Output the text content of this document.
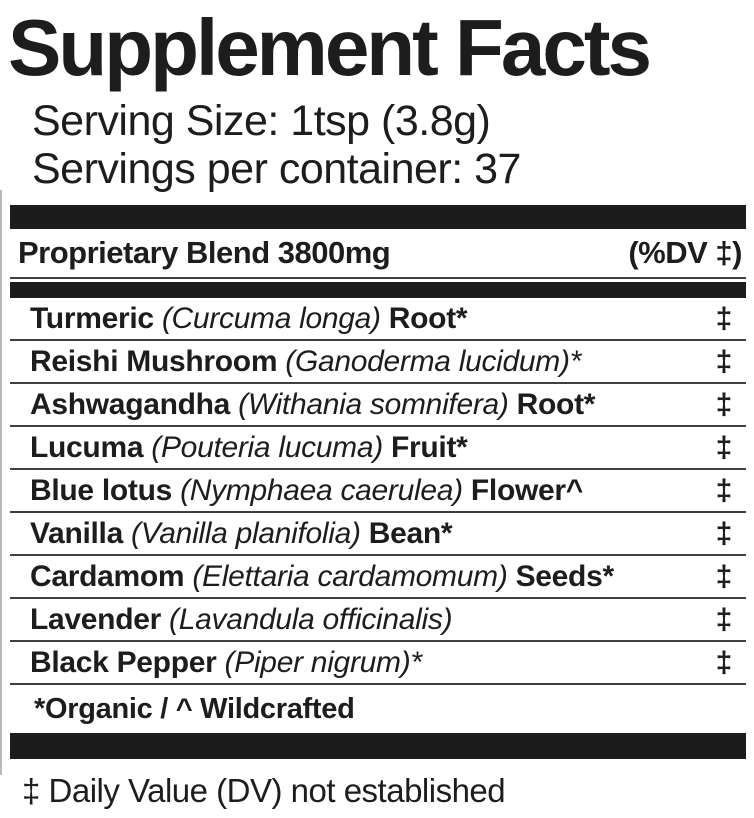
Supplement Facts
Serving Size: 1tsp (3.8g)
Servings per container: 37
Proprietary Blend 3800mg	(%DV ‡)
Turmeric (Curcuma longa) Root*	‡
Reishi Mushroom (Ganoderma lucidum)*	‡
Ashwagandha (Withania somnifera) Root*	‡
Lucuma (Pouteria lucuma) Fruit*	‡
Blue lotus (Nymphaea caerulea) Flower^	‡
Vanilla (Vanilla planifolia) Bean*	‡
Cardamom (Elettaria cardamomum) Seeds*	‡
Lavender (Lavandula officinalis)	‡
Black Pepper (Piper nigrum)*	‡
*Organic / ^ Wildcrafted
‡ Daily Value (DV) not established
